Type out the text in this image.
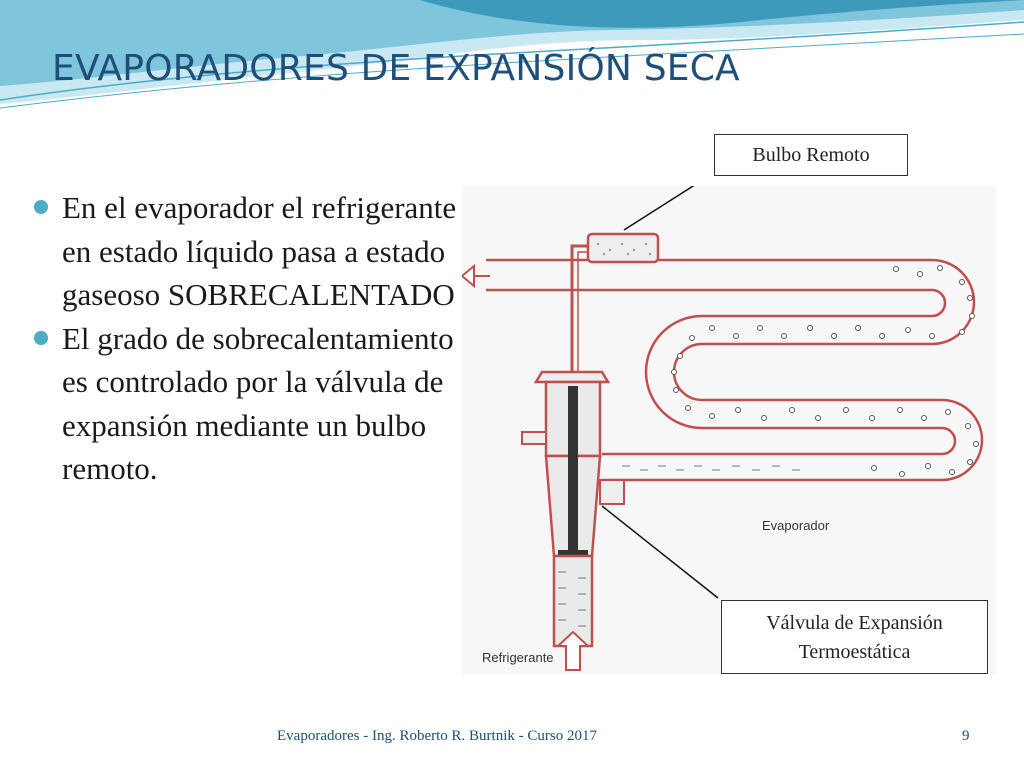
EVAPORADORES DE EXPANSIÓN SECA
En el evaporador el refrigerante en estado líquido pasa a estado gaseoso SOBRECALENTADO
El grado de sobrecalentamiento es controlado por la válvula de expansión mediante un bulbo remoto.
Evaporador
Refrigerante
Bulbo Remoto
Válvula de Expansión
Termoestática
Evaporadores - Ing. Roberto R. Burtnik - Curso 2017	9
